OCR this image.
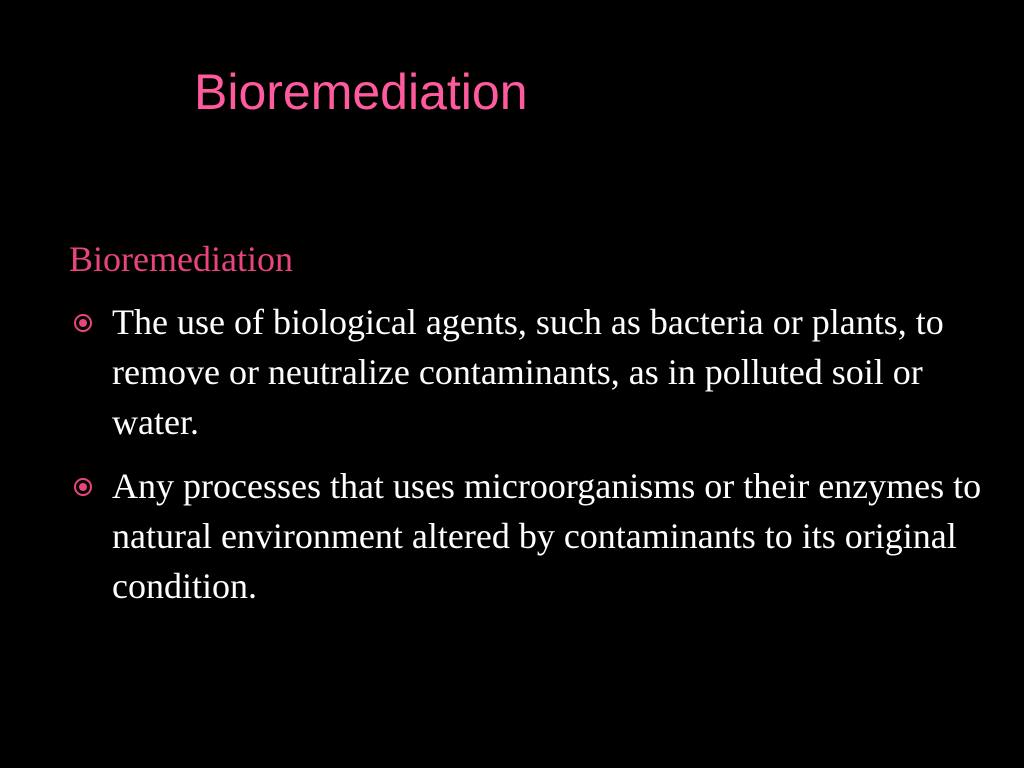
Bioremediation

Bioremediation

The use of biological agents, such as bacteria or plants, to remove or neutralize contaminants, as in polluted soil or water.
Any processes that uses microorganisms or their enzymes to natural environment altered by contaminants to its original condition.
